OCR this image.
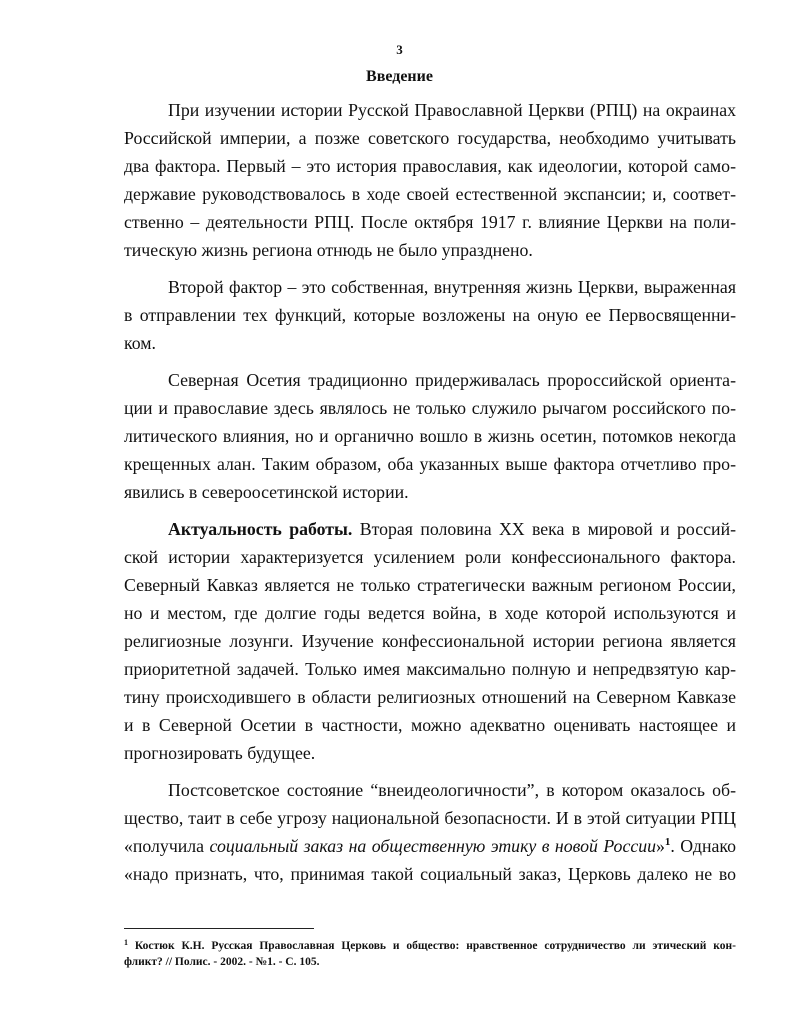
3
Введение
При изучении истории Русской Православной Церкви (РПЦ) на окраинах
Российской империи, а позже советского государства, необходимо учитывать
два фактора. Первый – это история православия, как идеологии, которой само-
державие руководствовалось в ходе своей естественной экспансии; и, соответ-
ственно – деятельности РПЦ. После октября 1917 г. влияние Церкви на поли-
тическую жизнь региона отнюдь не было упразднено.
Второй фактор – это собственная, внутренняя жизнь Церкви, выраженная
в отправлении тех функций, которые возложены на оную ее Первосвященни-
ком.
Северная Осетия традиционно придерживалась пророссийской ориента-
ции и православие здесь являлось не только служило рычагом российского по-
литического влияния, но и органично вошло в жизнь осетин, потомков некогда
крещенных алан. Таким образом, оба указанных выше фактора отчетливо про-
явились в североосетинской истории.
Актуальность работы. Вторая половина XX века в мировой и россий-
ской истории характеризуется усилением роли конфессионального фактора.
Северный Кавказ является не только стратегически важным регионом России,
но и местом, где долгие годы ведется война, в ходе которой используются и
религиозные лозунги. Изучение конфессиональной истории региона является
приоритетной задачей. Только имея максимально полную и непредвзятую кар-
тину происходившего в области религиозных отношений на Северном Кавказе
и в Северной Осетии в частности, можно адекватно оценивать настоящее и
прогнозировать будущее.
Постсоветское состояние “внеидеологичности”, в котором оказалось об-
щество, таит в себе угрозу национальной безопасности. И в этой ситуации РПЦ
«получила социальный заказ на общественную этику в новой России»$^1$. Однако
«надо признать, что, принимая такой социальный заказ, Церковь далеко не во
$^1$ Костюк К.Н. Русская Православная Церковь и общество: нравственное сотрудничество ли этический кон-
фликт? // Полис. - 2002. - №1. - С. 105.
